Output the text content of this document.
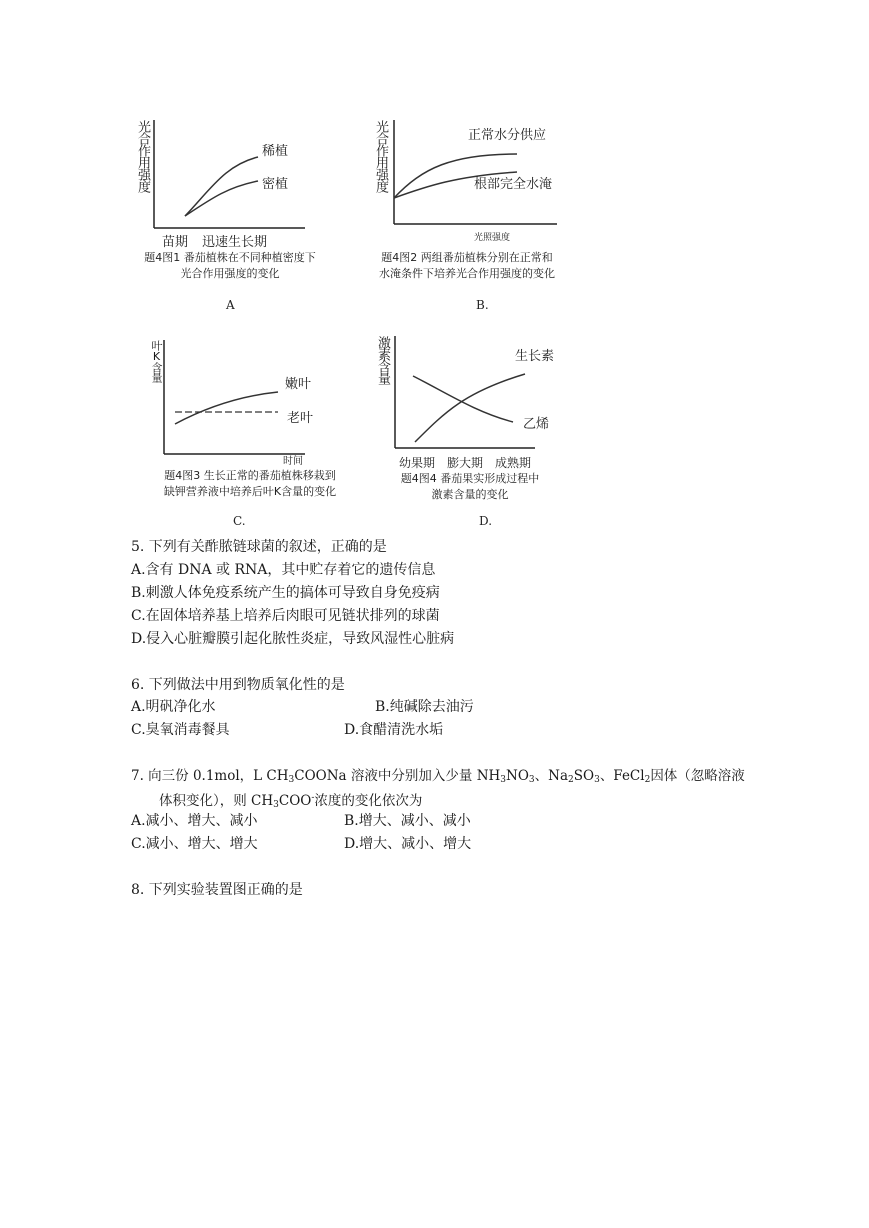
光合作用强度	稀植
密植
苗期 迅速生长期
题4图1 番茄植株在不同种植密度下
光合作用强度的变化
A
光合作用强度	正常水分供应
根部完全水淹
光照强度
题4图2 两组番茄植株分别在正常和
水淹条件下培养光合作用强度的变化
B.
叶K含量
嫩叶
老叶
时间
题4图3 生长正常的番茄植株移栽到
缺钾营养液中培养后叶K含量的变化
C.
激素含量	生长素
乙烯
幼果期 膨大期 成熟期
题4图4 番茄果实形成过程中
激素含量的变化
D.
5. 下列有关酢脓链球菌的叙述，正确的是
A.含有 DNA 或 RNA，其中贮存着它的遗传信息
B.刺激人体免疫系统产生的搞体可导致自身免疫病
C.在固体培养基上培养后肉眼可见链状排列的球菌
D.侵入心脏瓣膜引起化脓性炎症，导致风湿性心脏病
6. 下列做法中用到物质氧化性的是
A.明矾净化水	B.纯碱除去油污
C.臭氧消毒餐具	D.食醋清洗水垢
7. 向三份 0.1mol，L $CH_3COONa$ 溶液中分别加入少量 $NH_3NO_3$、$Na_2SO_3$、FeCl$_2$因体（忽略溶液
体积变化），则 $CH_3COO^-$浓度的变化依次为
A.减小、增大、减小	B.增大、减小、减小
C.减小、增大、增大	D.增大、减小、增大
8. 下列实验装置图正确的是
